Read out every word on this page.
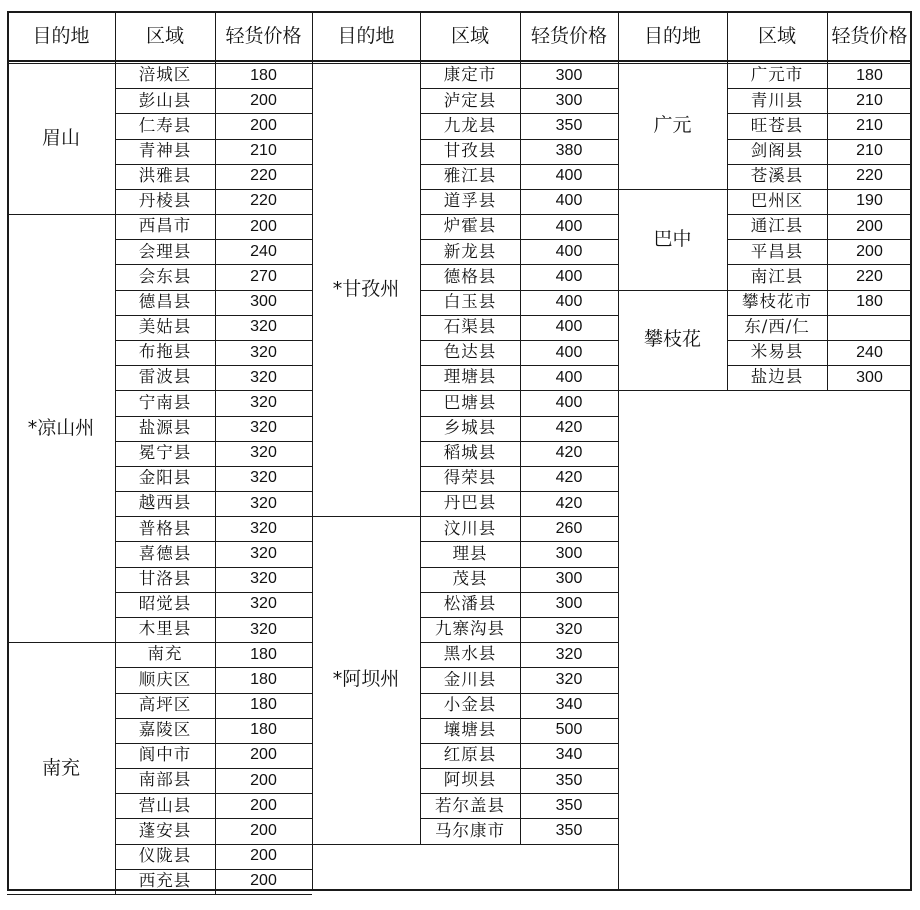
目的地	区域	轻货价格
眉山
涪城区	180
彭山县	200
仁寿县	200
青神县	210
洪雅县	220
丹棱县	220
*凉山州
西昌市	200
会理县	240
会东县	270
德昌县	300
美姑县	320
布拖县	320
雷波县	320
宁南县	320
盐源县	320
冕宁县	320
金阳县	320
越西县	320
普格县	320
喜德县	320
甘洛县	320
昭觉县	320
木里县	320
南充
南充	180
顺庆区	180
高坪区	180
嘉陵区	180
阆中市	200
南部县	200
营山县	200
蓬安县	200
仪陇县	200
西充县	200
目的地	区域	轻货价格
*甘孜州
康定市	300
泸定县	300
九龙县	350
甘孜县	380
雅江县	400
道孚县	400
炉霍县	400
新龙县	400
德格县	400
白玉县	400
石渠县	400
色达县	400
理塘县	400
巴塘县	400
乡城县	420
稻城县	420
得荣县	420
丹巴县	420
*阿坝州
汶川县	260
理县	300
茂县	300
松潘县	300
九寨沟县	320
黑水县	320
金川县	320
小金县	340
壤塘县	500
红原县	340
阿坝县	350
若尔盖县	350
马尔康市	350
目的地	区域	轻货价格
广元
广元市	180
青川县	210
旺苍县	210
剑阁县	210
苍溪县	220
巴中
巴州区	190
通江县	200
平昌县	200
南江县	220
攀枝花
攀枝花市	180
东/西/仁
米易县	240
盐边县	300
